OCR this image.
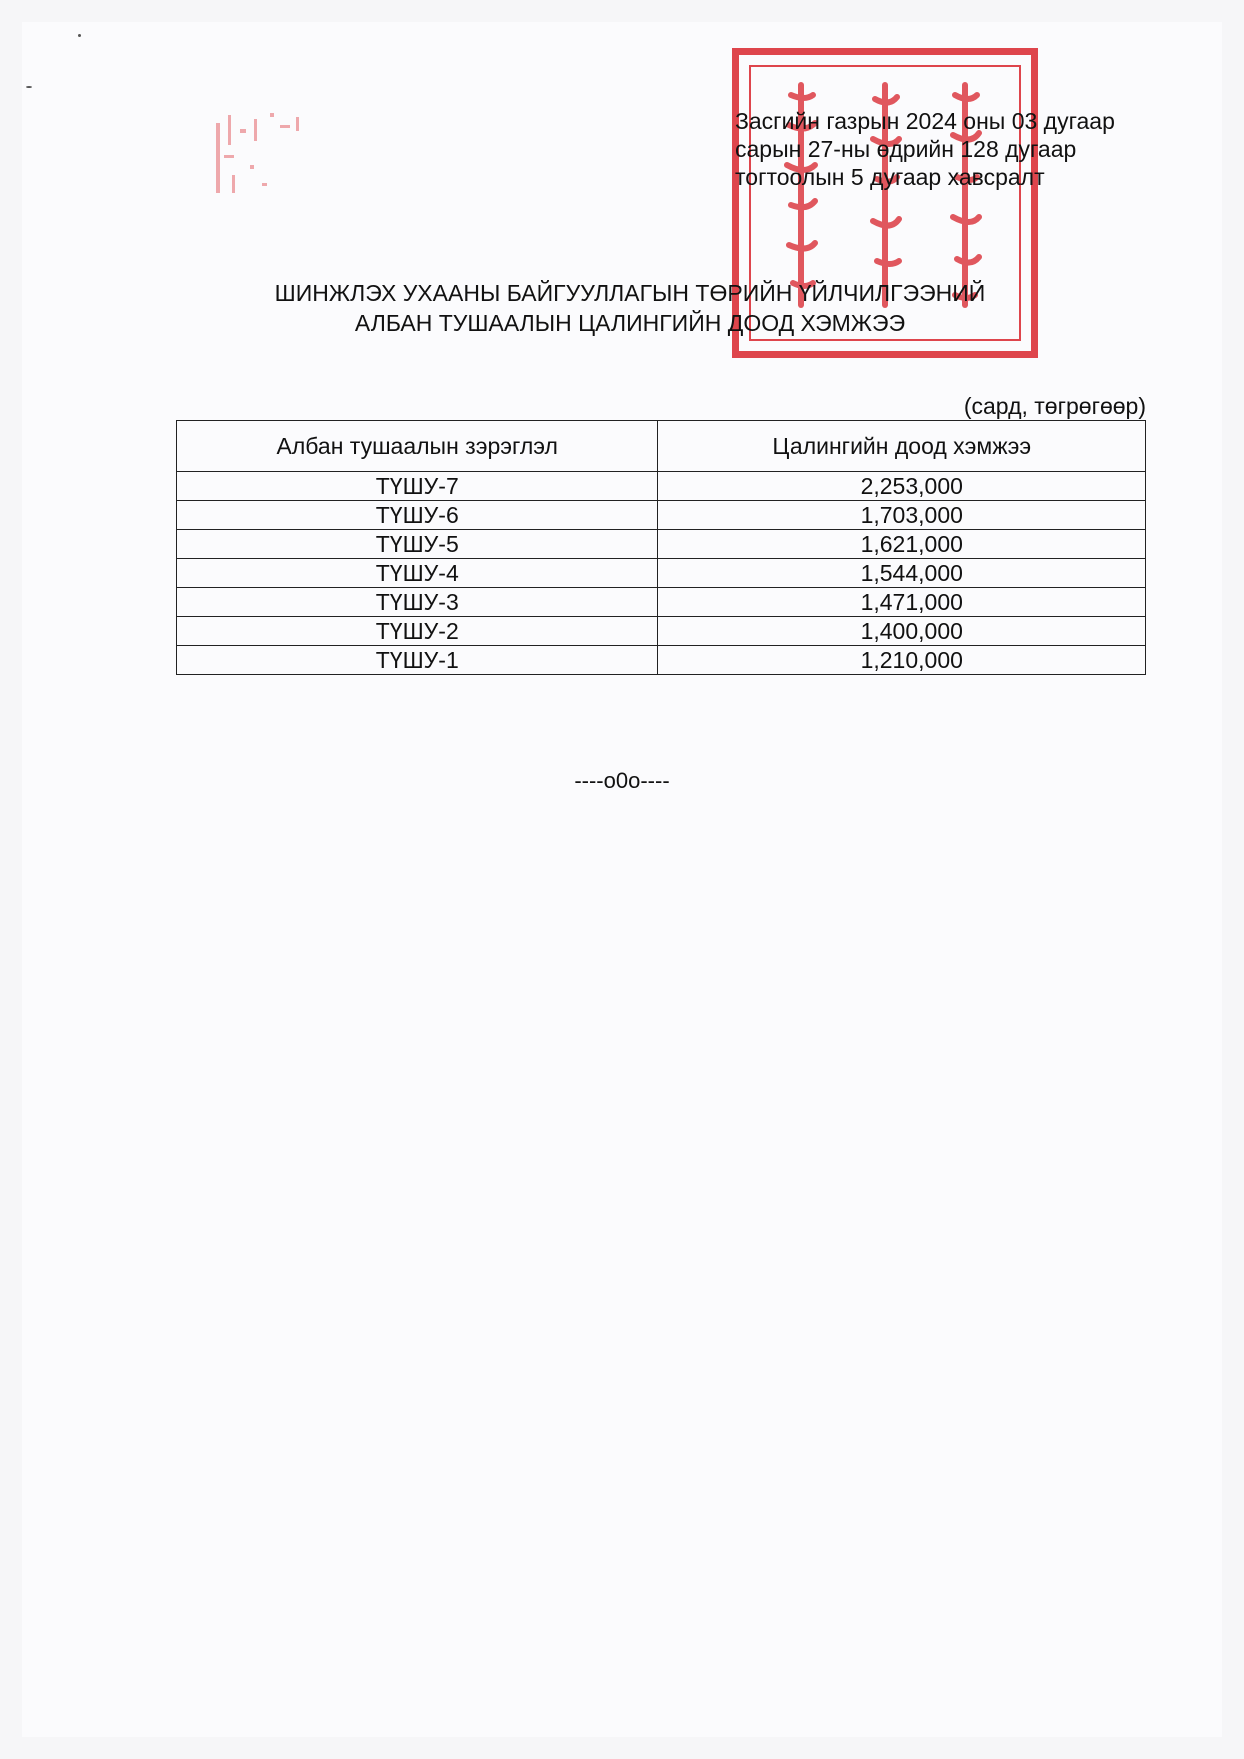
Засгийн газрын 2024 оны 03 дугаар
сарын 27-ны өдрийн 128 дугаар
тогтоолын 5 дугаар хавсралт
ШИНЖЛЭХ УХААНЫ БАЙГУУЛЛАГЫН ТӨРИЙН ҮЙЛЧИЛГЭЭНИЙ
АЛБАН ТУШААЛЫН ЦАЛИНГИЙН ДООД ХЭМЖЭЭ
(сард, төгрөгөөр)
Албан тушаалын зэрэглэл	Цалингийн доод хэмжээ
ТҮШУ-7	2,253,000
ТҮШУ-6	1,703,000
ТҮШУ-5	1,621,000
ТҮШУ-4	1,544,000
ТҮШУ-3	1,471,000
ТҮШУ-2	1,400,000
ТҮШУ-1	1,210,000
----o0o----
